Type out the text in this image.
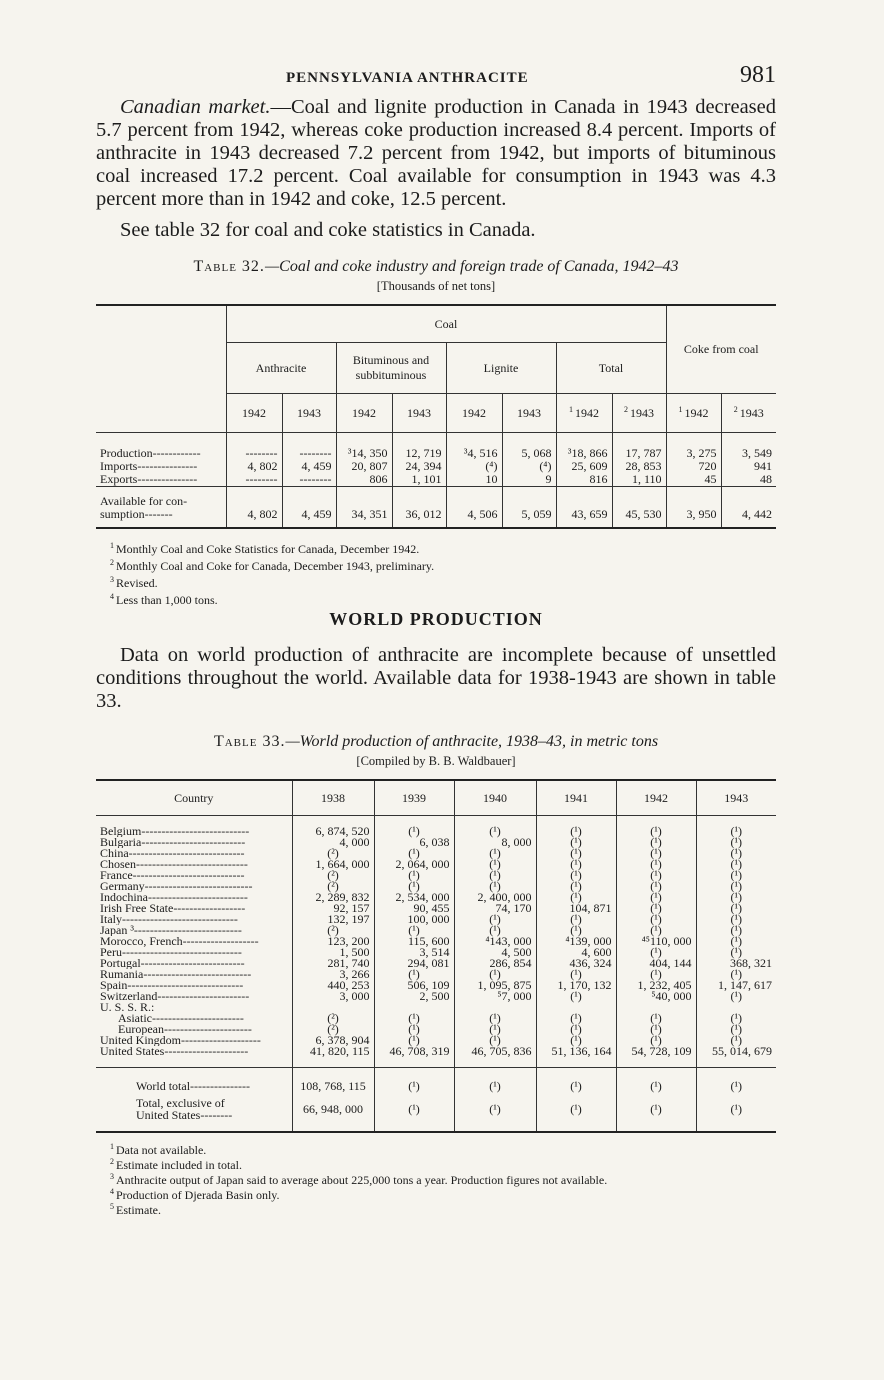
PENNSYLVANIA ANTHRACITE	981

Canadian market.—Coal and lignite production in Canada in 1943 decreased 5.7 percent from 1942, whereas coke production increased 8.4 percent. Imports of anthracite in 1943 decreased 7.2 percent from 1942, but imports of bituminous coal increased 17.2 percent. Coal available for consumption in 1943 was 4.3 percent more than in 1942 and coke, 12.5 percent.

See table 32 for coal and coke statistics in Canada.

Table 32.—Coal and coke industry and foreign trade of Canada, 1942–43
[Thousands of net tons]
	Coal								Coke from coal	
	Anthracite		Bituminous and subbituminous		Lignite		Total			
	1942	1943	1942	1943	1942	1943	$^1$ 1942	$^2$ 1943	$^1$ 1942	$^2$ 1943

Production------------	--------	--------	³14, 350	12, 719	³4, 516	5, 068	³18, 866	17, 787	3, 275	3, 549
Imports---------------	4, 802	4, 459	20, 807	24, 394	(⁴)	(⁴)	25, 609	28, 853	720	941
Exports---------------	--------	--------	806	1, 101	10	9	816	1, 110	45	48
Available for con-
sumption-------	4, 802	4, 459	34, 351	36, 012	4, 506	5, 059	43, 659	45, 530	3, 950	4, 442
$^1$ Monthly Coal and Coke Statistics for Canada, December 1942.
$^2$ Monthly Coal and Coke for Canada, December 1943, preliminary.
$^3$ Revised.
$^4$ Less than 1,000 tons.
WORLD PRODUCTION

Data on world production of anthracite are incomplete because of unsettled conditions throughout the world. Available data for 1938-1943 are shown in table 33.

Table 33.—World production of anthracite, 1938–43, in metric tons
[Compiled by B. B. Waldbauer]
Country	1938	1939	1940	1941	1942	1943
Belgium---------------------------	6, 874, 520	(¹)	(¹)	(¹)	(¹)	(¹)
Bulgaria--------------------------	4, 000	6, 038	8, 000	(¹)	(¹)	(¹)
China-----------------------------	(²)	(¹)	(¹)	(¹)	(¹)	(¹)
Chosen----------------------------	1, 664, 000	2, 064, 000	(¹)	(¹)	(¹)	(¹)
France----------------------------	(²)	(¹)	(¹)	(¹)	(¹)	(¹)
Germany---------------------------	(²)	(¹)	(¹)	(¹)	(¹)	(¹)
Indochina-------------------------	2, 289, 832	2, 534, 000	2, 400, 000	(¹)	(¹)	(¹)
Irish Free State------------------	92, 157	90, 455	74, 170	104, 871	(¹)	(¹)
Italy-----------------------------	132, 197	100, 000	(¹)	(¹)	(¹)	(¹)
Japan ³---------------------------	(²)	(¹)	(¹)	(¹)	(¹)	(¹)
Morocco, French-------------------	123, 200	115, 600	⁴143, 000	⁴139, 000	⁴⁵110, 000	(¹)
Peru------------------------------	1, 500	3, 514	4, 500	4, 600	(¹)	(¹)
Portugal--------------------------	281, 740	294, 081	286, 854	436, 324	404, 144	368, 321
Rumania---------------------------	3, 266	(¹)	(¹)	(¹)	(¹)	(¹)
Spain-----------------------------	440, 253	506, 109	1, 095, 875	1, 170, 132	1, 232, 405	1, 147, 617
Switzerland-----------------------	3, 000	2, 500	⁵7, 000	(¹)	⁵40, 000	(¹)
U. S. S. R.:						
Asiatic-----------------------	(²)	(¹)	(¹)	(¹)	(¹)	(¹)
European----------------------	(²)	(¹)	(¹)	(¹)	(¹)	(¹)
United Kingdom--------------------	6, 378, 904	(¹)	(¹)	(¹)	(¹)	(¹)
United States---------------------	41, 820, 115	46, 708, 319	46, 705, 836	51, 136, 164	54, 728, 109	55, 014, 679
World total---------------	108, 768, 115	(¹)	(¹)	(¹)	(¹)	(¹)
Total, exclusive of
United States--------	66, 948, 000	(¹)	(¹)	(¹)	(¹)	(¹)
$^1$ Data not available.
$^2$ Estimate included in total.
$^3$ Anthracite output of Japan said to average about 225,000 tons a year. Production figures not available.
$^4$ Production of Djerada Basin only.
$^5$ Estimate.
